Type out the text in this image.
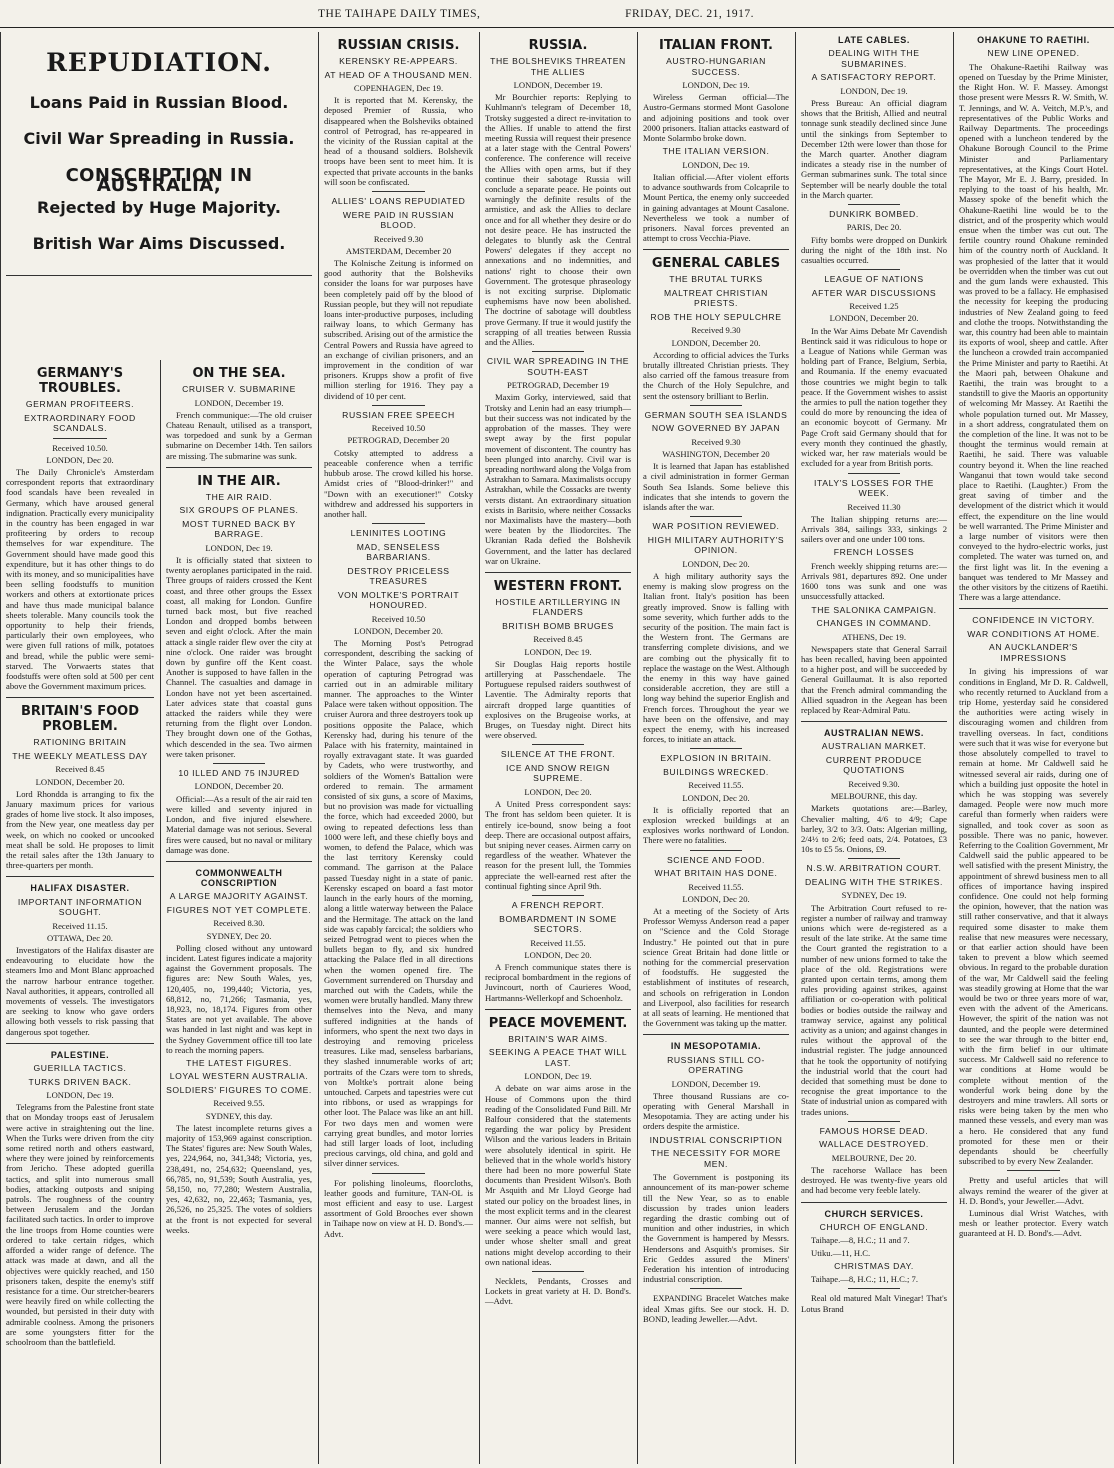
THE TAIHAPE DAILY TIMES,	FRIDAY, DEC. 21, 1917.
REPUDIATION.
Loans Paid in Russian Blood.
Civil War Spreading in Russia.
CONSCRIPTION IN AUSTRALIA,
Rejected by Huge Majority.
British War Aims Discussed.
GERMANY'S TROUBLES.
GERMAN PROFITEERS.
EXTRAORDINARY FOOD SCANDALS.
Received 10.50.
LONDON, Dec 20.

The Daily Chronicle's Amsterdam correspondent reports that extraordinary food scandals have been revealed in Germany, which have aroused general indignation. Practically every municipality in the country has been engaged in war profiteering by orders to recoup themselves for war expenditure. The Government should have made good this expenditure, but it has other things to do with its money, and so municipalities have been selling foodstuffs to munition workers and others at extortionate prices and have thus made municipal balance sheets tolerable. Many councils took the opportunity to help their friends, particularly their own employees, who were given full rations of milk, potatoes and bread, while the public were semi-starved. The Vorwaerts states that foodstuffs were often sold at 500 per cent above the Government maximum prices.

BRITAIN'S FOOD PROBLEM.
RATIONING BRITAIN
THE WEEKLY MEATLESS DAY
Received 8.45
LONDON, December 20.

Lord Rhondda is arranging to fix the January maximum prices for various grades of home live stock. It also imposes, from the New year, one meatless day per week, on which no cooked or uncooked meat shall be sold. He proposes to limit the retail sales after the 13th January to three-quarters per month.

HALIFAX DISASTER.
IMPORTANT INFORMATION SOUGHT.
Received 11.15.
OTTAWA, Dec 20.

Investigators of the Halifax disaster are endeavouring to elucidate how the steamers Imo and Mont Blanc approached the narrow harbour entrance together. Naval authorities, it appears, controlled all movements of vessels. The investigators are seeking to know who gave orders allowing both vessels to risk passing that dangerous spot together.

PALESTINE.
GUERILLA TACTICS.
TURKS DRIVEN BACK.
LONDON, Dec 19.

Telegrams from the Palestine front state that on Monday troops east of Jerusalem were active in straightening out the line. When the Turks were driven from the city some retired north and others eastward, where they were joined by reinforcements from Jericho. These adopted guerilla tactics, and split into numerous small bodies, attacking outposts and sniping patrols. The roughness of the country between Jerusalem and the Jordan facilitated such tactics. In order to improve the line troops from Home counties were ordered to take certain ridges, which afforded a wider range of defence. The attack was made at dawn, and all the objectives were quickly reached, and 150 prisoners taken, despite the enemy's stiff resistance for a time. Our stretcher-bearers were heavily fired on while collecting the wounded, but persisted in their duty with admirable coolness. Among the prisoners are some youngsters fitter for the schoolroom than the battlefield.

ON THE SEA.
CRUISER V. SUBMARINE
LONDON, December 19.

French communique:—The old cruiser Chateau Renault, utilised as a transport, was torpedoed and sunk by a German submarine on December 14th. Ten sailors are missing. The submarine was sunk.

IN THE AIR.
THE AIR RAID.
SIX GROUPS OF PLANES.
MOST TURNED BACK BY BARRAGE.
LONDON, Dec 19.

It is officially stated that sixteen to twenty aeroplanes participated in the raid. Three groups of raiders crossed the Kent coast, and three other groups the Essex coast, all making for London. Gunfire turned back most, but five reached London and dropped bombs between seven and eight o'clock. After the main attack a single raider flew over the city at nine o'clock. One raider was brought down by gunfire off the Kent coast. Another is supposed to have fallen in the Channel. The casualties and damage in London have not yet been ascertained. Later advices state that coastal guns attacked the raiders while they were returning from the flight over London. They brought down one of the Gothas, which descended in the sea. Two airmen were taken prisoner.

10 ILLED AND 75 INJURED
LONDON, December 20.

Official:—As a result of the air raid ten were killed and seventy injured in London, and five injured elsewhere. Material damage was not serious. Several fires were caused, but no naval or military damage was done.

COMMONWEALTH CONSCRIPTION
A LARGE MAJORITY AGAINST.
FIGURES NOT YET COMPLETE.
Received 8.30.
SYDNEY, Dec 20.

Polling closed without any untoward incident. Latest figures indicate a majority against the Government proposals. The figures are: New South Wales, yes, 120,405, no, 199,440; Victoria, yes, 68,812, no, 71,266; Tasmania, yes, 18,923, no, 18,174. Figures from other States are not yet available. The above was handed in last night and was kept in the Sydney Government office till too late to reach the morning papers.

THE LATEST FIGURES.
LOYAL WESTERN AUSTRALIA.
SOLDIERS' FIGURES TO COME.
Received 9.55.
SYDNEY, this day.

The latest incomplete returns gives a majority of 153,969 against conscription. The States' figures are: New South Wales, yes, 224,964, no, 341,348; Victoria, yes, 238,491, no, 254,632; Queensland, yes, 66,785, no, 91,539; South Australia, yes, 58,150, no, 77,280; Western Australia, yes, 42,632, no, 22,463; Tasmania, yes, 26,526, no 25,325. The votes of soldiers at the front is not expected for several weeks.

RUSSIAN CRISIS.
KERENSKY RE-APPEARS.
AT HEAD OF A THOUSAND MEN.
COPENHAGEN, Dec 19.

It is reported that M. Kerensky, the deposed Premier of Russia, who disappeared when the Bolsheviks obtained control of Petrograd, has re-appeared in the vicinity of the Russian capital at the head of a thousand soldiers. Bolshevik troops have been sent to meet him. It is expected that private accounts in the banks will soon be confiscated.

ALLIES' LOANS REPUDIATED
WERE PAID IN RUSSIAN BLOOD.
Received 9.30
AMSTERDAM, December 20

The Kolnische Zeitung is informed on good authority that the Bolsheviks consider the loans for war purposes have been completely paid off by the blood of Russian people, but they will not repudiate loans inter-productive purposes, including railway loans, to which Germany has subscribed. Arising out of the armistice the Central Powers and Russia have agreed to an exchange of civilian prisoners, and an improvement in the condition of war prisoners. Krupps show a profit of five million sterling for 1916. They pay a dividend of 10 per cent.

RUSSIAN FREE SPEECH
Received 10.50
PETROGRAD, December 20

Cotsky attempted to address a peaceable conference when a terrific hubbub arose. The crowd killed his horse. Amidst cries of "Blood-drinker!" and "Down with an executioner!" Cotsky withdrew and addressed his supporters in another hall.

LENINITES LOOTING
MAD, SENSELESS BARBARIANS.
DESTROY PRICELESS TREASURES
VON MOLTKE'S PORTRAIT HONOURED.
Received 10.50
LONDON, December 20.

The Morning Post's Petrograd correspondent, describing the sacking of the Winter Palace, says the whole operation of capturing Petrograd was carried out in an admirable military manner. The approaches to the Winter Palace were taken without opposition. The cruiser Aurora and three destroyers took up positions opposite the Palace, which Kerensky had, during his tenure of the Palace with his fraternity, maintained in royally extravagant state. It was guarded by Cadets, who were trustworthy, and soldiers of the Women's Battalion were ordered to remain. The armament consisted of six guns, a score of Maxims, but no provision was made for victualling the force, which had exceeded 2000, but owing to repeated defections less than 1000 were left, and these chiefly boys and women, to defend the Palace, which was the last territory Kerensky could command. The garrison at the Palace passed Tuesday night in a state of panic. Kerensky escaped on board a fast motor launch in the early hours of the morning, along a little waterway between the Palace and the Hermitage. The attack on the land side was capably farcical; the soldiers who seized Petrograd went to pieces when the bullets began to fly, and six hundred attacking the Palace fled in all directions when the women opened fire. The Government surrendered on Thursday and marched out with the Cadets, while the women were brutally handled. Many threw themselves into the Neva, and many suffered indignities at the hands of informers, who spent the next two days in destroying and removing priceless treasures. Like mad, senseless barbarians, they slashed innumerable works of art; portraits of the Czars were torn to shreds, von Moltke's portrait alone being untouched. Carpets and tapestries were cut into ribbons, or used as wrappings for other loot. The Palace was like an ant hill. For two days men and women were carrying great bundles, and motor lorries had still larger loads of loot, including precious carvings, old china, and gold and silver dinner services.

For polishing linoleums, floorcloths, leather goods and furniture, TAN-OL is most efficient and easy to use. Largest assortment of Gold Brooches ever shown in Taihape now on view at H. D. Bond's.—Advt.

RUSSIA.
THE BOLSHEVIKS THREATEN THE ALLIES
LONDON, December 19.

Mr Bourchier reports: Replying to Kuhlmann's telegram of December 18, Trotsky suggested a direct re-invitation to the Allies. If unable to attend the first meeting Russia will request their presence at a later stage with the Central Powers' conference. The conference will receive the Allies with open arms, but if they continue their sabotage Russia will conclude a separate peace. He points out warningly the definite results of the armistice, and ask the Allies to declare once and for all whether they desire or do not desire peace. He has instructed the delegates to bluntly ask the Central Powers' delegates if they accept no annexations and no indemnities, and nations' right to choose their own Government. The grotesque phraseology is not exciting surprise. Diplomatic euphemisms have now been abolished. The doctrine of sabotage will doubtless prove Germany. If true it would justify the scrapping of all treaties between Russia and the Allies.

CIVIL WAR SPREADING IN THE SOUTH-EAST
PETROGRAD, December 19

Maxim Gorky, interviewed, said that Trotsky and Lenin had an easy triumph—but their success was not indicated by the approbation of the masses. They were swept away by the first popular movement of discontent. The country has been plunged into anarchy. Civil war is spreading northward along the Volga from Astrakhan to Samara. Maximalists occupy Astrakhan, while the Cossacks are twenty versts distant. An extraordinary situation exists in Baritsio, where neither Cossacks nor Maximalists have the mastery—both were beaten by the Iliodorcites. The Ukranian Rada defied the Bolshevik Government, and the latter has declared war on Ukraine.

WESTERN FRONT.
HOSTILE ARTILLERYING IN FLANDERS
BRITISH BOMB BRUGES
Received 8.45
LONDON, Dec 19.

Sir Douglas Haig reports hostile artillerying at Passchendaele. The Portuguese repulsed raiders southwest of Laventie. The Admiralty reports that aircraft dropped large quantities of explosives on the Brugeoise works, at Bruges, on Tuesday night. Direct hits were observed.

SILENCE AT THE FRONT.
ICE AND SNOW REIGN SUPREME.
LONDON, Dec 20.

A United Press correspondent says: The front has seldom been quieter. It is entirely ice-bound, snow being a foot deep. There are occasional outpost affairs, but sniping never ceases. Airmen carry on regardless of the weather. Whatever the reason for the present lull, the Tommies appreciate the well-earned rest after the continual fighting since April 9th.

A FRENCH REPORT.
BOMBARDMENT IN SOME SECTORS.
Received 11.55.
LONDON, Dec 20.

A French communique states there is reciprocal bombardment in the regions of Juvincourt, north of Caurieres Wood, Hartmanns-Wellerkopf and Schoenholz.

PEACE MOVEMENT.
BRITAIN'S WAR AIMS.
SEEKING A PEACE THAT WILL LAST.
LONDON, Dec 19.

A debate on war aims arose in the House of Commons upon the third reading of the Consolidated Fund Bill. Mr Balfour considered that the statements regarding the war policy by President Wilson and the various leaders in Britain were absolutely identical in spirit. He believed that in the whole world's history there had been no more powerful State documents than President Wilson's. Both Mr Asquith and Mr Lloyd George had stated our policy on the broadest lines, in the most explicit terms and in the clearest manner. Our aims were not selfish, but were seeking a peace which would last, under whose shelter small and great nations might develop according to their own national ideas.

Necklets, Pendants, Crosses and Lockets in great variety at H. D. Bond's.—Advt.

ITALIAN FRONT.
AUSTRO-HUNGARIAN SUCCESS.
LONDON, Dec 19.

Wireless German official—The Austro-Germans stormed Mont Gasolone and adjoining positions and took over 2000 prisoners. Italian attacks eastward of Monte Solarmbo broke down.

THE ITALIAN VERSION.
LONDON, Dec 19.

Italian official.—After violent efforts to advance southwards from Colcaprile to Mount Pertica, the enemy only succeeded in gaining advantages at Mount Casalone. Nevertheless we took a number of prisoners. Naval forces prevented an attempt to cross Vecchia-Piave.

GENERAL CABLES
THE BRUTAL TURKS
MALTREAT CHRISTIAN PRIESTS.
ROB THE HOLY SEPULCHRE
Received 9.30
LONDON, December 20.

According to official advices the Turks brutally illtreated Christian priests. They also carried off the famous treasure from the Church of the Holy Sepulchre, and sent the ostensory brilliant to Berlin.

GERMAN SOUTH SEA ISLANDS
NOW GOVERNED BY JAPAN
Received 9.30
WASHINGTON, December 20

It is learned that Japan has established a civil administration in former German South Sea Islands. Some believe this indicates that she intends to govern the islands after the war.

WAR POSITION REVIEWED.
HIGH MILITARY AUTHORITY'S OPINION.
LONDON, Dec 20.

A high military authority says the enemy is making slow progress on the Italian front. Italy's position has been greatly improved. Snow is falling with some severity, which further adds to the security of the position. The main fact is the Western front. The Germans are transferring complete divisions, and we are combing out the physically fit to replace the wastage on the West. Although the enemy in this way have gained considerable accretion, they are still a long way behind the superior English and French forces. Throughout the year we have been on the offensive, and may expect the enemy, with his increased forces, to initiate an attack.

EXPLOSION IN BRITAIN.
BUILDINGS WRECKED.
Received 11.55.
LONDON, Dec 20.

It is officially reported that an explosion wrecked buildings at an explosives works northward of London. There were no fatalities.

SCIENCE AND FOOD.
WHAT BRITAIN HAS DONE.
Received 11.55.
LONDON, Dec 20.

At a meeting of the Society of Arts Professor Wemyss Anderson read a paper on "Science and the Cold Storage Industry." He pointed out that in pure science Great Britain had done little or nothing for the commercial preservation of foodstuffs. He suggested the establishment of institutes of research, and schools on refrigeration in London and Liverpool, also facilities for research at all seats of learning. He mentioned that the Government was taking up the matter.

IN MESOPOTAMIA.
RUSSIANS STILL CO-OPERATING
LONDON, December 19.

Three thousand Russians are co-operating with General Marshall in Mesopotamia. They are acting under his orders despite the armistice.

INDUSTRIAL CONSCRIPTION
THE NECESSITY FOR MORE MEN.

The Government is postponing its announcement of its man-power scheme till the New Year, so as to enable discussion by trades union leaders regarding the drastic combing out of munition and other industries, in which the Government is hampered by Messrs. Hendersons and Asquith's promises. Sir Eric Geddes assured the Miners' Federation his intention of introducing industrial conscription.

EXPANDING Bracelet Watches make ideal Xmas gifts. See our stock. H. D. BOND, leading Jeweller.—Advt.

LATE CABLES.
DEALING WITH THE SUBMARINES.
A SATISFACTORY REPORT.
LONDON, Dec 19.

Press Bureau: An official diagram shows that the British, Allied and neutral tonnage sunk steadily declined since June until the sinkings from September to December 12th were lower than those for the March quarter. Another diagram indicates a steady rise in the number of German submarines sunk. The total since September will be nearly double the total in the March quarter.

DUNKIRK BOMBED.
PARIS, Dec 20.

Fifty bombs were dropped on Dunkirk during the night of the 18th inst. No casualties occurred.

LEAGUE OF NATIONS
AFTER WAR DISCUSSIONS
Received 1.25
LONDON, December 20.

In the War Aims Debate Mr Cavendish Bentinck said it was ridiculous to hope or a League of Nations while German was holding part of France, Belgium, Serbia, and Roumania. If the enemy evacuated those countries we might begin to talk peace. If the Government wishes to assist the armies to pull the nation together they could do more by renouncing the idea of an economic boycott of Germany. Mr Page Croft said Germany should that for every month they continued the ghastly, wicked war, her raw materials would be excluded for a year from British ports.

ITALY'S LOSSES FOR THE WEEK.
Received 11.30

The Italian shipping returns are:—Arrivals 384, sailings 333, sinkings 2 sailers over and one under 100 tons.

FRENCH LOSSES

French weekly shipping returns are:—Arrivals 981, departures 892. One under 1600 tons was sunk and one was unsuccessfully attacked.

THE SALONIKA CAMPAIGN.
CHANGES IN COMMAND.
ATHENS, Dec 19.

Newspapers state that General Sarrail has been recalled, having been appointed to a higher post, and will be succeeded by General Guillaumat. It is also reported that the French admiral commanding the Allied squadron in the Aegean has been replaced by Rear-Admiral Patu.

AUSTRALIAN NEWS.
AUSTRALIAN MARKET.
CURRENT PRODUCE QUOTATIONS
Received 9.30.
MELBOURNE, this day.

Markets quotations are:—Barley, Chevalier malting, 4/6 to 4/9; Cape barley, 3/2 to 3/3. Oats: Algerian milling, 2/4½ to 2/6; feed oats, 2/4. Potatoes, £3 10s to £5 5s. Onions, £9.

N.S.W. ARBITRATION COURT.
DEALING WITH THE STRIKES.
SYDNEY, Dec 19.

The Arbitration Court refused to re-register a number of railway and tramway unions which were de-registered as a result of the late strike. At the same time the Court granted the registration to a number of new unions formed to take the place of the old. Registrations were granted upon certain terms, among them rules providing against strikes, against affiliation or co-operation with political bodies or bodies outside the railway and tramway service, against any political activity as a union; and against changes in rules without the approval of the industrial register. The judge announced that he took the opportunity of notifying the industrial world that the court had decided that something must be done to recognise the great importance to the State of industrial union as compared with trades unions.

FAMOUS HORSE DEAD.
WALLACE DESTROYED.
MELBOURNE, Dec 20.

The racehorse Wallace has been destroyed. He was twenty-five years old and had become very feeble lately.

CHURCH SERVICES.
CHURCH OF ENGLAND.

Taihape.—8, H.C.; 11 and 7.

Utiku.—11, H.C.

CHRISTMAS DAY.

Taihape.—8, H.C.; 11, H.C.; 7.

Real old matured Malt Vinegar! That's Lotus Brand

OHAKUNE TO RAETIHI.
NEW LINE OPENED.

The Ohakune-Raetihi Railway was opened on Tuesday by the Prime Minister, the Right Hon. W. F. Massey. Amongst those present were Messrs R. W. Smith, W. T. Jennings, and W. A. Veitch, M.P.'s, and representatives of the Public Works and Railway Departments. The proceedings opened with a luncheon tendered by the Ohakune Borough Council to the Prime Minister and Parliamentary representatives, at the Kings Court Hotel. The Mayor, Mr E. J. Barry, presided. In replying to the toast of his health, Mr. Massey spoke of the benefit which the Ohakune-Raetihi line would be to the district, and of the prosperity which would ensue when the timber was cut out. The fertile country round Ohakune reminded him of the country north of Auckland. It was prophesied of the latter that it would be overridden when the timber was cut out and the gum lands were exhausted. This was proved to be a fallacy. He emphasised the necessity for keeping the producing industries of New Zealand going to feed and clothe the troops. Notwithstanding the war, this country had been able to maintain its exports of wool, sheep and cattle. After the luncheon a crowded train accompanied the Prime Minister and party to Raetihi. At the Maori pah, between Ohakune and Raetihi, the train was brought to a standstill to give the Maoris an opportunity of welcoming Mr Massey. At Raetihi the whole population turned out. Mr Massey, in a short address, congratulated them on the completion of the line. It was not to be thought the terminus would remain at Raetihi, he said. There was valuable country beyond it. When the line reached Wanganui that town would take second place to Raetihi. (Laughter.) From the great saving of timber and the development of the district which it would effect, the expenditure on the line would be well warranted. The Prime Minister and a large number of visitors were then conveyed to the hydro-electric works, just completed. The water was turned on, and the first light was lit. In the evening a banquet was tendered to Mr Massey and the other visitors by the citizens of Raetihi. There was a large attendance.

CONFIDENCE IN VICTORY.
WAR CONDITIONS AT HOME.
AN AUCKLANDER'S IMPRESSIONS

In giving his impressions of war conditions in England, Mr D. R. Caldwell, who recently returned to Auckland from a trip Home, yesterday said he considered the authorities were acting wisely in discouraging women and children from travelling overseas. In fact, conditions were such that it was wise for everyone but those absolutely compelled to travel to remain at home. Mr Caldwell said he witnessed several air raids, during one of which a building just opposite the hotel in which he was stopping was severely damaged. People were now much more careful than formerly when raiders were signalled, and took cover as soon as possible. There was no panic, however. Referring to the Coalition Government, Mr Caldwell said the public appeared to be well satisfied with the present Ministry, the appointment of shrewd business men to all offices of importance having inspired confidence. One could not help forming the opinion, however, that the nation was still rather conservative, and that it always required some disaster to make them realise that new measures were necessary, or that earlier action should have been taken to prevent a blow which seemed obvious. In regard to the probable duration of the war, Mr Caldwell said the feeling was steadily growing at Home that the war would be two or three years more of war, even with the advent of the Americans. However, the spirit of the nation was not daunted, and the people were determined to see the war through to the bitter end, with the firm belief in our ultimate success. Mr Caldwell said no reference to war conditions at Home would be complete without mention of the wonderful work being done by the destroyers and mine trawlers. All sorts or risks were being taken by the men who manned these vessels, and every man was a hero. He considered that any fund promoted for these men or their dependants should be cheerfully subscribed to by every New Zealander.

Pretty and useful articles that will always remind the wearer of the giver at H. D. Bond's, your Jeweller.—Advt.

Luminous dial Wrist Watches, with mesh or leather protector. Every watch guaranteed at H. D. Bond's.—Advt.
